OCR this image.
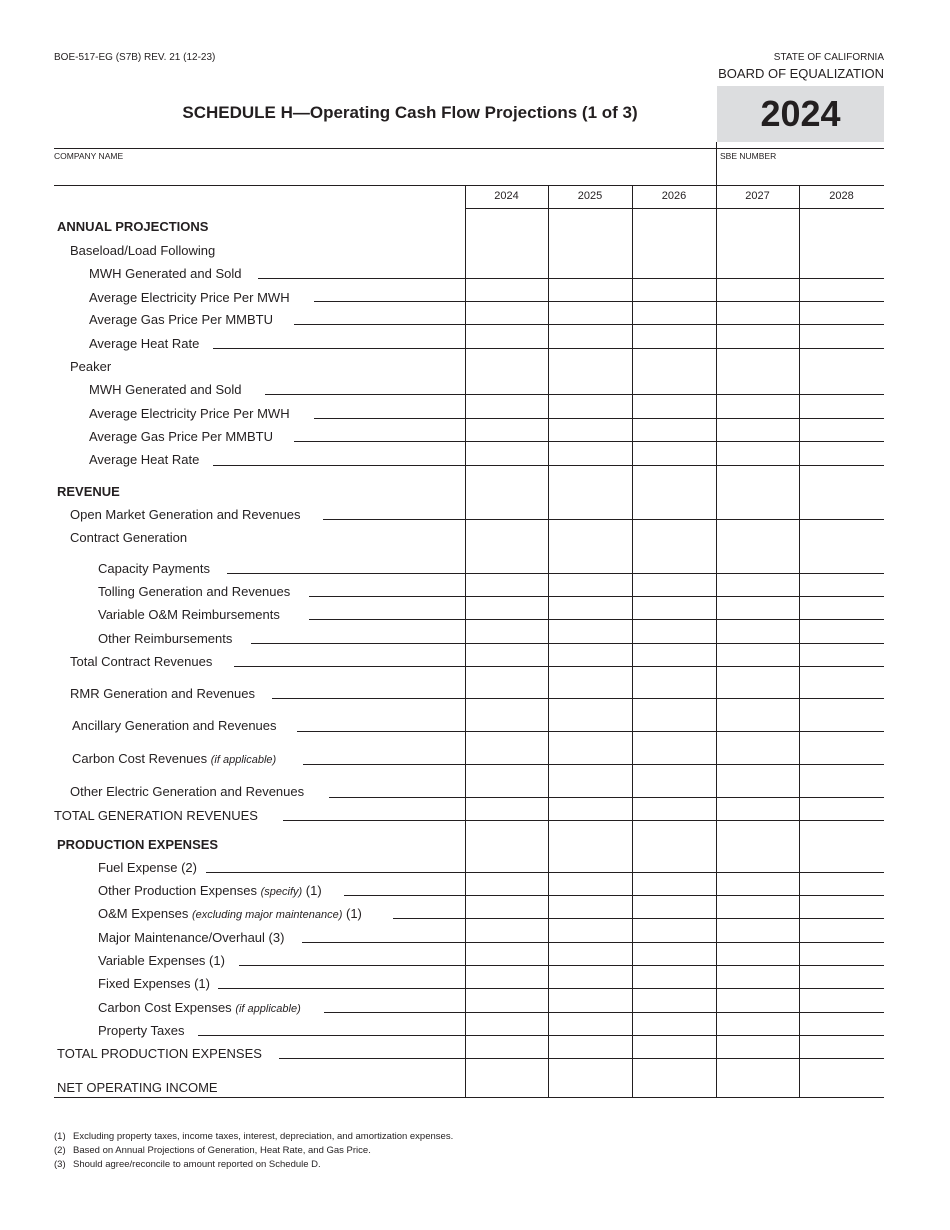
BOE-517-EG (S7B) REV. 21 (12-23)	STATE OF CALIFORNIA
BOARD OF EQUALIZATION
SCHEDULE H—Operating Cash Flow Projections (1 of 3)	2024
COMPANY NAME	SBE NUMBER
2024	2025	2026	2027	2028
ANNUAL PROJECTIONS
Baseload/Load Following
MWH Generated and Sold
Average Electricity Price Per MWH
Average Gas Price Per MMBTU
Average Heat Rate
Peaker
MWH Generated and Sold
Average Electricity Price Per MWH
Average Gas Price Per MMBTU
Average Heat Rate
REVENUE
Open Market Generation and Revenues
Contract Generation
Capacity Payments
Tolling Generation and Revenues
Variable O&M Reimbursements
Other Reimbursements
Total Contract Revenues
RMR Generation and Revenues
Ancillary Generation and Revenues
Carbon Cost Revenues (if applicable)
Other Electric Generation and Revenues
TOTAL GENERATION REVENUES
PRODUCTION EXPENSES
Fuel Expense (2)
Other Production Expenses (specify) (1)
O&M Expenses (excluding major maintenance) (1)
Major Maintenance/Overhaul (3)
Variable Expenses (1)
Fixed Expenses (1)
Carbon Cost Expenses (if applicable)
Property Taxes
TOTAL PRODUCTION EXPENSES
NET OPERATING INCOME
(1) Excluding property taxes, income taxes, interest, depreciation, and amortization expenses.
(2) Based on Annual Projections of Generation, Heat Rate, and Gas Price.
(3) Should agree/reconcile to amount reported on Schedule D.
